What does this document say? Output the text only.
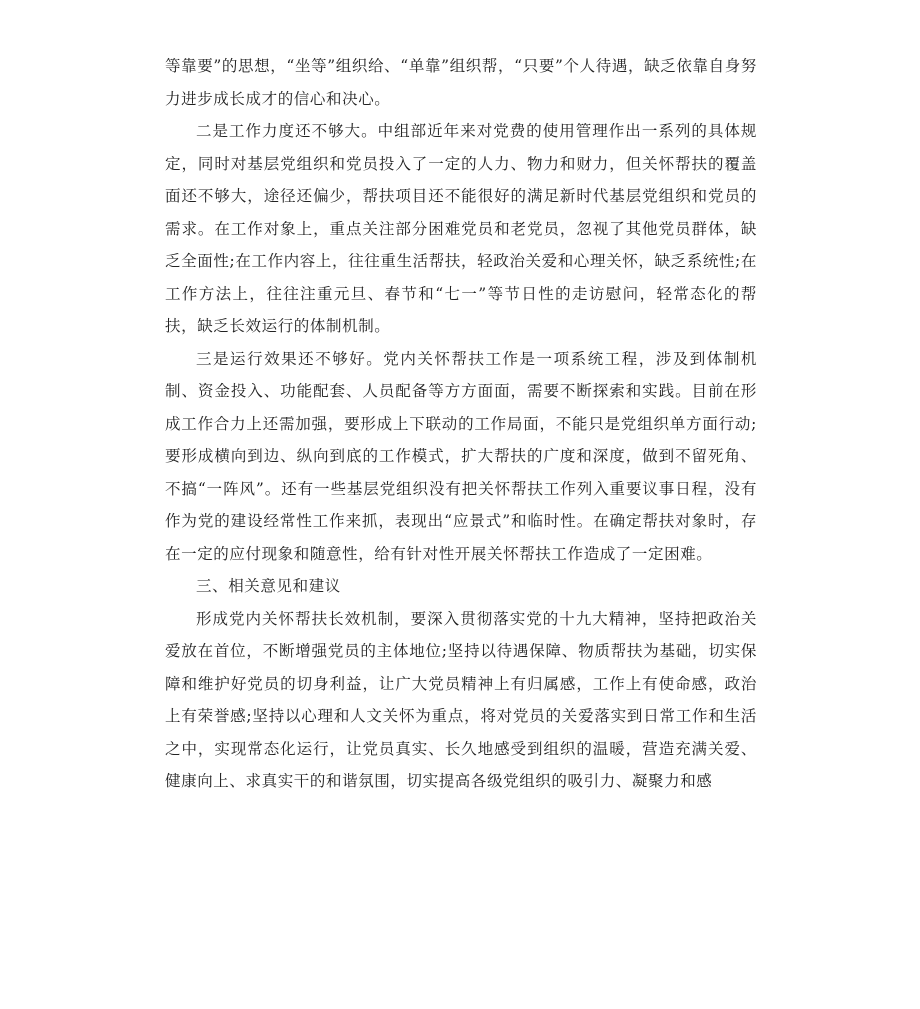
等靠要”的思想，“坐等”组织给、“单靠”组织帮，“只要”个人待遇，缺乏依靠自身努力进步成长成才的信心和决心。

二是工作力度还不够大。中组部近年来对党费的使用管理作出一系列的具体规定，同时对基层党组织和党员投入了一定的人力、物力和财力，但关怀帮扶的覆盖面还不够大，途径还偏少，帮扶项目还不能很好的满足新时代基层党组织和党员的需求。在工作对象上，重点关注部分困难党员和老党员，忽视了其他党员群体，缺乏全面性;在工作内容上，往往重生活帮扶，轻政治关爱和心理关怀，缺乏系统性;在工作方法上，往往注重元旦、春节和“七一”等节日性的走访慰问，轻常态化的帮扶，缺乏长效运行的体制机制。

三是运行效果还不够好。党内关怀帮扶工作是一项系统工程，涉及到体制机制、资金投入、功能配套、人员配备等方方面面，需要不断探索和实践。目前在形成工作合力上还需加强，要形成上下联动的工作局面，不能只是党组织单方面行动;要形成横向到边、纵向到底的工作模式，扩大帮扶的广度和深度，做到不留死角、不搞“一阵风”。还有一些基层党组织没有把关怀帮扶工作列入重要议事日程，没有作为党的建设经常性工作来抓，表现出“应景式”和临时性。在确定帮扶对象时，存在一定的应付现象和随意性，给有针对性开展关怀帮扶工作造成了一定困难。

三、相关意见和建议

形成党内关怀帮扶长效机制，要深入贯彻落实党的十九大精神，坚持把政治关爱放在首位，不断增强党员的主体地位;坚持以待遇保障、物质帮扶为基础，切实保障和维护好党员的切身利益，让广大党员精神上有归属感，工作上有使命感，政治上有荣誉感;坚持以心理和人文关怀为重点，将对党员的关爱落实到日常工作和生活之中，实现常态化运行，让党员真实、长久地感受到组织的温暖，营造充满关爱、健康向上、求真实干的和谐氛围，切实提高各级党组织的吸引力、凝聚力和感
